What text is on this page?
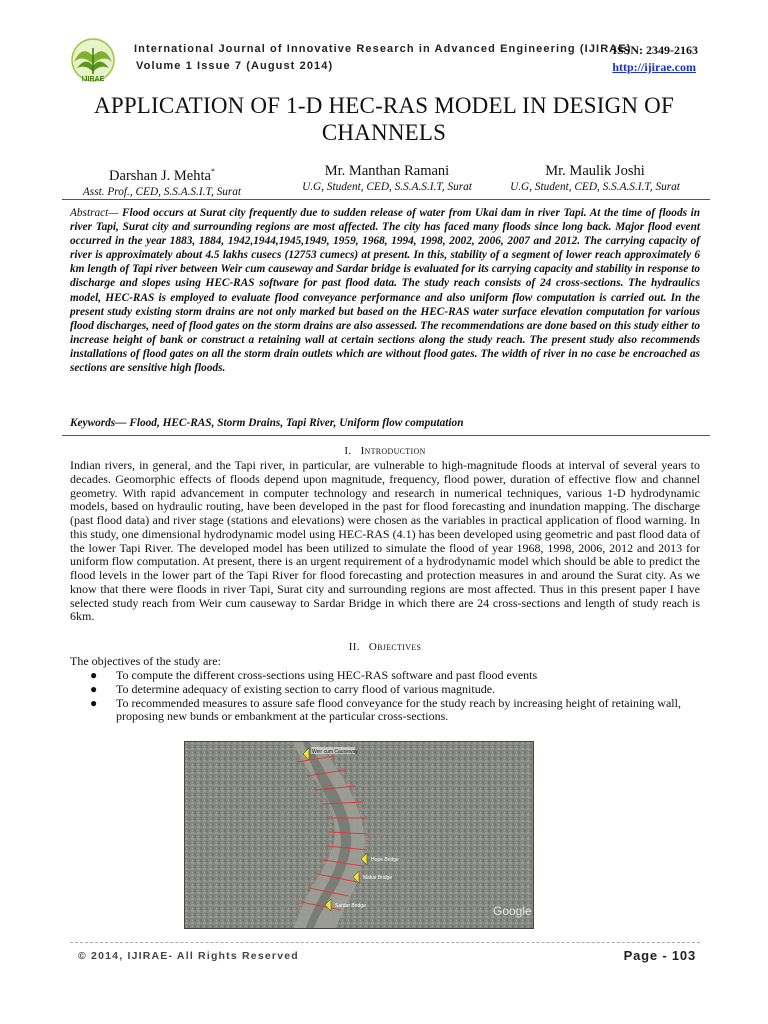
IJIRAE
International Journal of Innovative Research in Advanced Engineering (IJIRAE)
Volume 1 Issue 7 (August 2014)
ISSN: 2349-2163
http://ijirae.com
APPLICATION OF 1-D HEC-RAS MODEL IN DESIGN OF CHANNELS
Darshan J. Mehta*
Asst. Prof., CED, S.S.A.S.I.T, Surat
Mr. Manthan Ramani
U.G, Student, CED, S.S.A.S.I.T, Surat
Mr. Maulik Joshi
U.G, Student, CED, S.S.A.S.I.T, Surat
Abstract— Flood occurs at Surat city frequently due to sudden release of water from Ukai dam in river Tapi. At the time of floods in river Tapi, Surat city and surrounding regions are most affected. The city has faced many floods since long back. Major flood event occurred in the year 1883, 1884, 1942,1944,1945,1949, 1959, 1968, 1994, 1998, 2002, 2006, 2007 and 2012. The carrying capacity of river is approximately about 4.5 lakhs cusecs (12753 cumecs) at present. In this, stability of a segment of lower reach approximately 6 km length of Tapi river between Weir cum causeway and Sardar bridge is evaluated for its carrying capacity and stability in response to discharge and slopes using HEC-RAS software for past flood data. The study reach consists of 24 cross-sections. The hydraulics model, HEC-RAS is employed to evaluate flood conveyance performance and also uniform flow computation is carried out. In the present study existing storm drains are not only marked but based on the HEC-RAS water surface elevation computation for various flood discharges, need of flood gates on the storm drains are also assessed. The recommendations are done based on this study either to increase height of bank or construct a retaining wall at certain sections along the study reach. The present study also recommends installations of flood gates on all the storm drain outlets which are without flood gates. The width of river in no case be encroached as sections are sensitive high floods.
Keywords— Flood, HEC-RAS, Storm Drains, Tapi River, Uniform flow computation
I. Introduction

Indian rivers, in general, and the Tapi river, in particular, are vulnerable to high-magnitude floods at interval of several years to decades. Geomorphic effects of floods depend upon magnitude, frequency, flood power, duration of effective flow and channel geometry. With rapid advancement in computer technology and research in numerical techniques, various 1-D hydrodynamic models, based on hydraulic routing, have been developed in the past for flood forecasting and inundation mapping. The discharge (past flood data) and river stage (stations and elevations) were chosen as the variables in practical application of flood warning. In this study, one dimensional hydrodynamic model using HEC-RAS (4.1) has been developed using geometric and past flood data of the lower Tapi River. The developed model has been utilized to simulate the flood of year 1968, 1998, 2006, 2012 and 2013 for uniform flow computation. At present, there is an urgent requirement of a hydrodynamic model which should be able to predict the flood levels in the lower part of the Tapi River for flood forecasting and protection measures in and around the Surat city. As we know that there were floods in river Tapi, Surat city and surrounding regions are most affected. Thus in this present paper I have selected study reach from Weir cum causeway to Sardar Bridge in which there are 24 cross-sections and length of study reach is 6km.

II. Objectives

The objectives of the study are:

● To compute the different cross-sections using HEC-RAS software and past flood events
● To determine adequacy of existing section to carry flood of various magnitude.
● To recommended measures to assure safe flood conveyance for the study reach by increasing height of retaining wall, proposing new bunds or embankment at the particular cross-sections.
Weir cum Causeway
Hope Bridge
Makai Bridge
Sardar Bridge	Google
© 2014, IJIRAE- All Rights Reserved	Page - 103
